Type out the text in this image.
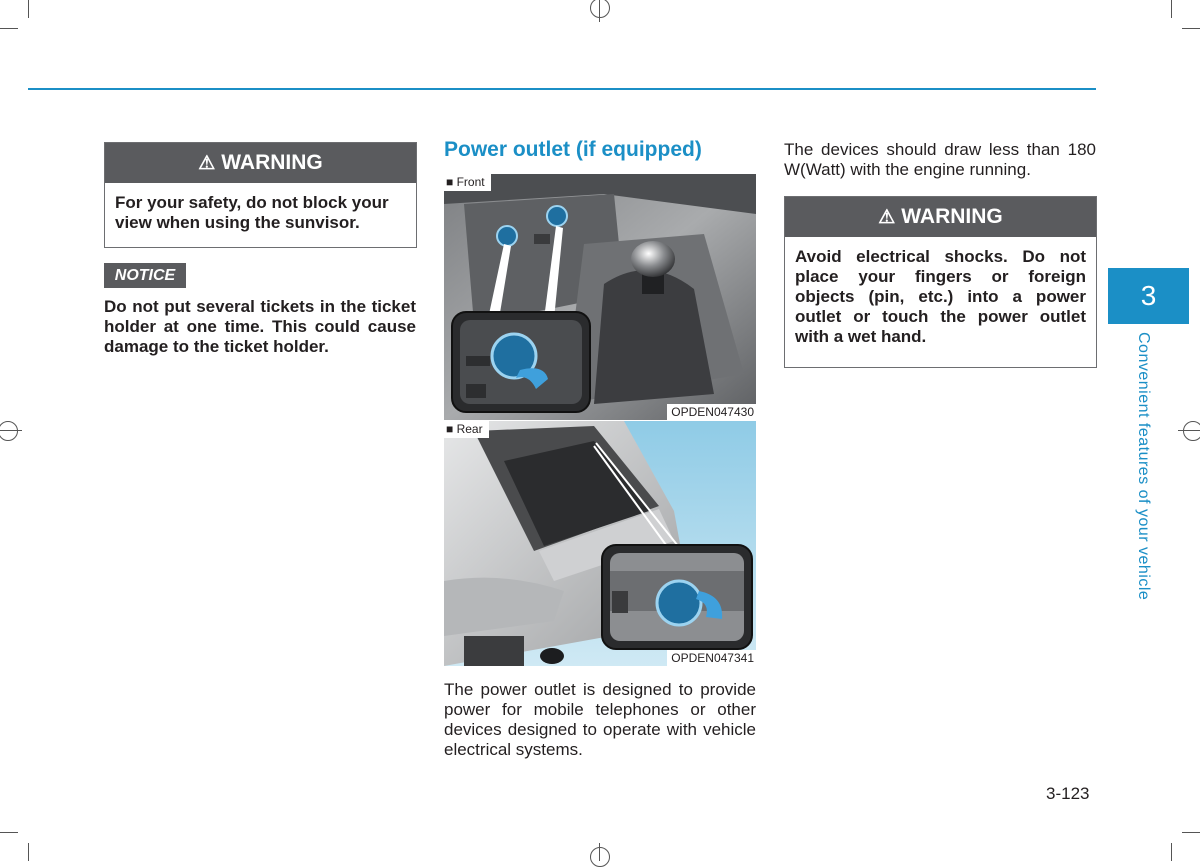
⚠ WARNING
For your safety, do not block your view when using the sunvisor.
NOTICE
Do not put several tickets in the ticket holder at one time. This could cause damage to the ticket holder.
Power outlet (if equipped)
■ Front
OPDEN047430
■ Rear
OPDEN047341
The power outlet is designed to provide power for mobile telephones or other devices designed to operate with vehicle electrical systems.
The devices should draw less than 180 W(Watt) with the engine running.
⚠ WARNING
Avoid electrical shocks. Do not place your fingers or foreign objects (pin, etc.) into a power outlet or touch the power outlet with a wet hand.
3
Convenient features of your vehicle
3-123
